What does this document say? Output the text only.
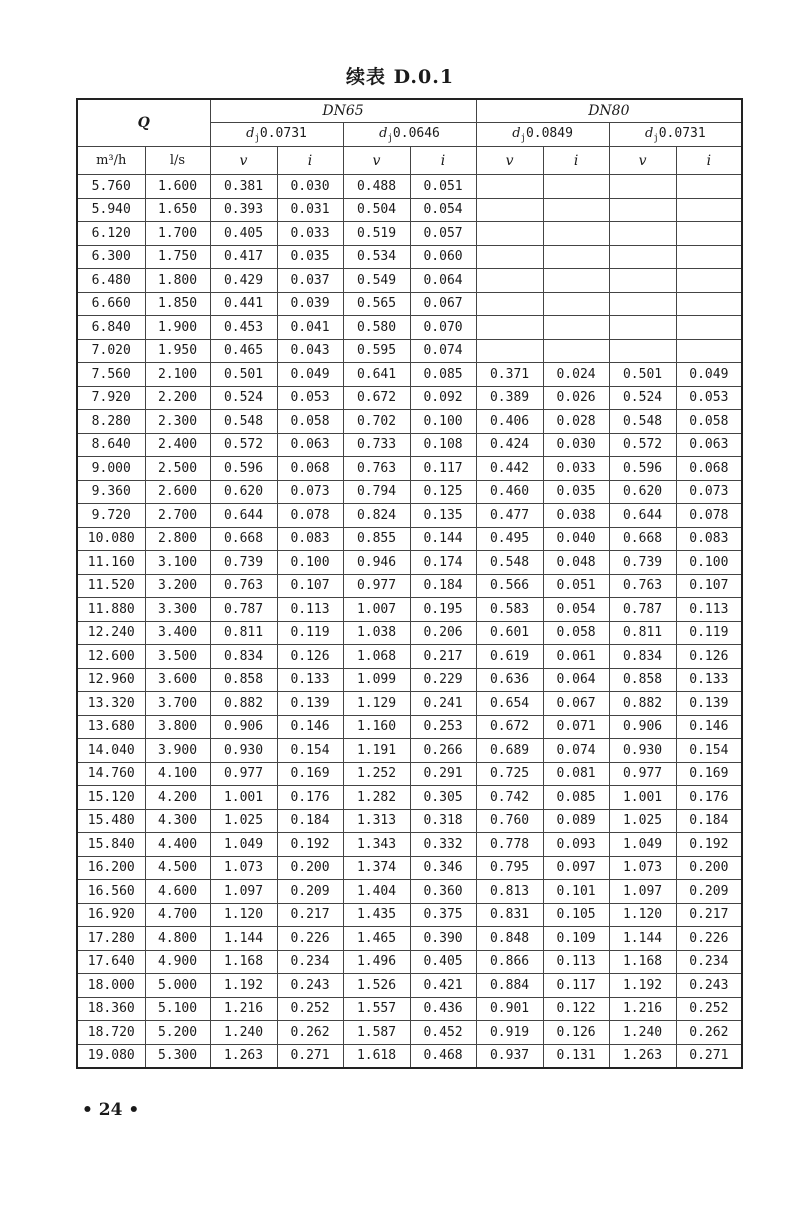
续表 D.0.1
Q		DN65				DN80			
		$d_j0.0731$		$d_j0.0646$		$d_j0.0849$		$d_j0.0731$	
m³/h	l/s	v	i	v	i	v	i	v	i
5.760	1.600	0.381	0.030	0.488	0.051				
5.940	1.650	0.393	0.031	0.504	0.054				
6.120	1.700	0.405	0.033	0.519	0.057				
6.300	1.750	0.417	0.035	0.534	0.060				
6.480	1.800	0.429	0.037	0.549	0.064				
6.660	1.850	0.441	0.039	0.565	0.067				
6.840	1.900	0.453	0.041	0.580	0.070				
7.020	1.950	0.465	0.043	0.595	0.074				
7.560	2.100	0.501	0.049	0.641	0.085	0.371	0.024	0.501	0.049
7.920	2.200	0.524	0.053	0.672	0.092	0.389	0.026	0.524	0.053
8.280	2.300	0.548	0.058	0.702	0.100	0.406	0.028	0.548	0.058
8.640	2.400	0.572	0.063	0.733	0.108	0.424	0.030	0.572	0.063
9.000	2.500	0.596	0.068	0.763	0.117	0.442	0.033	0.596	0.068
9.360	2.600	0.620	0.073	0.794	0.125	0.460	0.035	0.620	0.073
9.720	2.700	0.644	0.078	0.824	0.135	0.477	0.038	0.644	0.078
10.080	2.800	0.668	0.083	0.855	0.144	0.495	0.040	0.668	0.083
11.160	3.100	0.739	0.100	0.946	0.174	0.548	0.048	0.739	0.100
11.520	3.200	0.763	0.107	0.977	0.184	0.566	0.051	0.763	0.107
11.880	3.300	0.787	0.113	1.007	0.195	0.583	0.054	0.787	0.113
12.240	3.400	0.811	0.119	1.038	0.206	0.601	0.058	0.811	0.119
12.600	3.500	0.834	0.126	1.068	0.217	0.619	0.061	0.834	0.126
12.960	3.600	0.858	0.133	1.099	0.229	0.636	0.064	0.858	0.133
13.320	3.700	0.882	0.139	1.129	0.241	0.654	0.067	0.882	0.139
13.680	3.800	0.906	0.146	1.160	0.253	0.672	0.071	0.906	0.146
14.040	3.900	0.930	0.154	1.191	0.266	0.689	0.074	0.930	0.154
14.760	4.100	0.977	0.169	1.252	0.291	0.725	0.081	0.977	0.169
15.120	4.200	1.001	0.176	1.282	0.305	0.742	0.085	1.001	0.176
15.480	4.300	1.025	0.184	1.313	0.318	0.760	0.089	1.025	0.184
15.840	4.400	1.049	0.192	1.343	0.332	0.778	0.093	1.049	0.192
16.200	4.500	1.073	0.200	1.374	0.346	0.795	0.097	1.073	0.200
16.560	4.600	1.097	0.209	1.404	0.360	0.813	0.101	1.097	0.209
16.920	4.700	1.120	0.217	1.435	0.375	0.831	0.105	1.120	0.217
17.280	4.800	1.144	0.226	1.465	0.390	0.848	0.109	1.144	0.226
17.640	4.900	1.168	0.234	1.496	0.405	0.866	0.113	1.168	0.234
18.000	5.000	1.192	0.243	1.526	0.421	0.884	0.117	1.192	0.243
18.360	5.100	1.216	0.252	1.557	0.436	0.901	0.122	1.216	0.252
18.720	5.200	1.240	0.262	1.587	0.452	0.919	0.126	1.240	0.262
19.080	5.300	1.263	0.271	1.618	0.468	0.937	0.131	1.263	0.271
• 24 •
